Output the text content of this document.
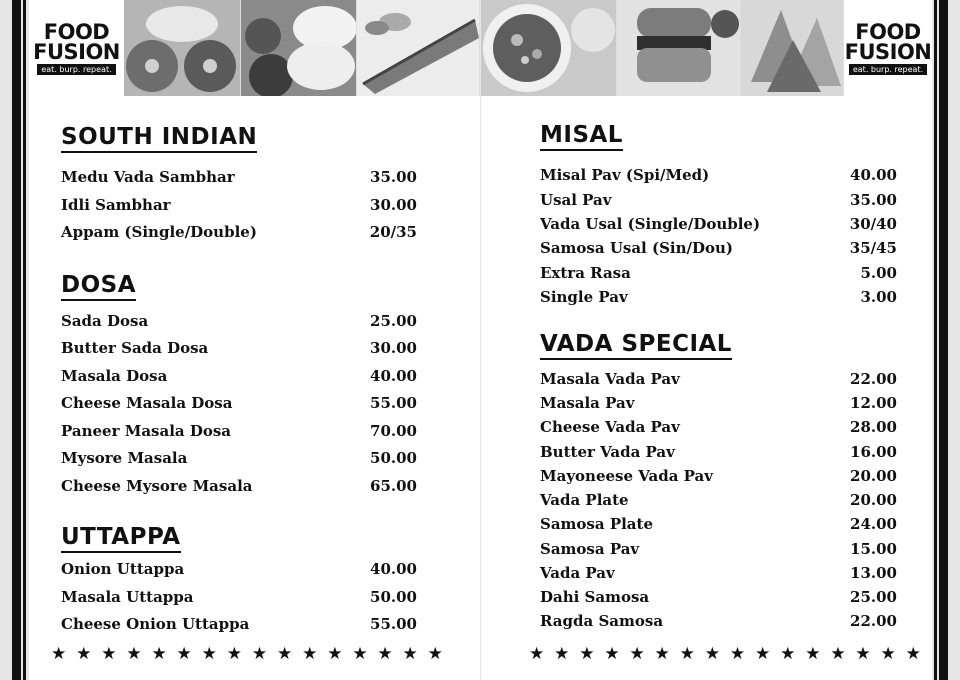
FOOD
FUSION
eat. burp. repeat.
SOUTH INDIAN
Medu Vada Sambhar	35.00
Idli Sambhar	30.00
Appam (Single/Double)	20/35
DOSA
Sada Dosa	25.00
Butter Sada Dosa	30.00
Masala Dosa	40.00
Cheese Masala Dosa	55.00
Paneer Masala Dosa	70.00
Mysore Masala	50.00
Cheese Mysore Masala	65.00
UTTAPPA
Onion Uttappa	40.00
Masala Uttappa	50.00
Cheese Onion Uttappa	55.00
★ ★ ★ ★ ★ ★ ★ ★ ★ ★ ★ ★ ★ ★ ★ ★
FOOD
FUSION
eat. burp. repeat.
MISAL
Misal Pav (Spi/Med)	40.00
Usal Pav	35.00
Vada Usal (Single/Double)	30/40
Samosa Usal (Sin/Dou)	35/45
Extra Rasa	5.00
Single Pav	3.00
VADA SPECIAL
Masala Vada Pav	22.00
Masala Pav	12.00
Cheese Vada Pav	28.00
Butter Vada Pav	16.00
Mayoneese Vada Pav	20.00
Vada Plate	20.00
Samosa Plate	24.00
Samosa Pav	15.00
Vada Pav	13.00
Dahi Samosa	25.00
Ragda Samosa	22.00
★ ★ ★ ★ ★ ★ ★ ★ ★ ★ ★ ★ ★ ★ ★ ★
